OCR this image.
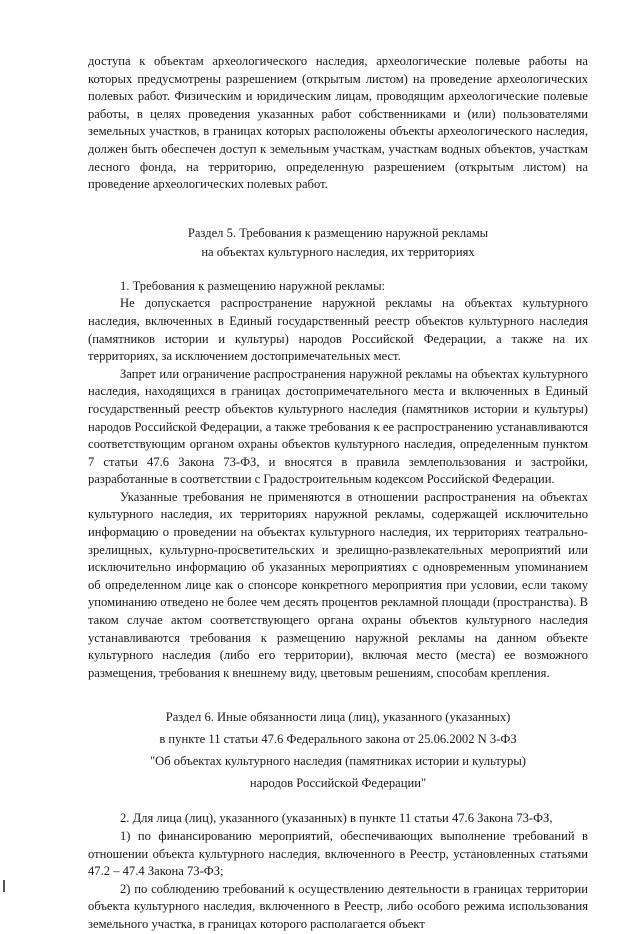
доступа к объектам археологического наследия, археологические полевые работы на которых предусмотрены разрешением (открытым листом) на проведение археологических полевых работ. Физическим и юридическим лицам, проводящим археологические полевые работы, в целях проведения указанных работ собственниками и (или) пользователями земельных участков, в границах которых расположены объекты археологического наследия, должен быть обеспечен доступ к земельным участкам, участкам водных объектов, участкам лесного фонда, на территорию, определенную разрешением (открытым листом) на проведение археологических полевых работ.

Раздел 5. Требования к размещению наружной рекламы

на объектах культурного наследия, их территориях

1. Требования к размещению наружной рекламы:

Не допускается распространение наружной рекламы на объектах культурного наследия, включенных в Единый государственный реестр объектов культурного наследия (памятников истории и культуры) народов Российской Федерации, а также на их территориях, за исключением достопримечательных мест.

Запрет или ограничение распространения наружной рекламы на объектах культурного наследия, находящихся в границах достопримечательного места и включенных в Единый государственный реестр объектов культурного наследия (памятников истории и культуры) народов Российской Федерации, а также требования к ее распространению устанавливаются соответствующим органом охраны объектов культурного наследия, определенным пунктом 7 статьи 47.6 Закона 73-ФЗ, и вносятся в правила землепользования и застройки, разработанные в соответствии с Градостроительным кодексом Российской Федерации.

Указанные требования не применяются в отношении распространения на объектах культурного наследия, их территориях наружной рекламы, содержащей исключительно информацию о проведении на объектах культурного наследия, их территориях театрально-зрелищных, культурно-просветительских и зрелищно-развлекательных мероприятий или исключительно информацию об указанных мероприятиях с одновременным упоминанием об определенном лице как о спонсоре конкретного мероприятия при условии, если такому упоминанию отведено не более чем десять процентов рекламной площади (пространства). В таком случае актом соответствующего органа охраны объектов культурного наследия устанавливаются требования к размещению наружной рекламы на данном объекте культурного наследия (либо его территории), включая место (места) ее возможного размещения, требования к внешнему виду, цветовым решениям, способам крепления.

Раздел 6. Иные обязанности лица (лиц), указанного (указанных)

в пункте 11 статьи 47.6 Федерального закона от 25.06.2002 N 3-ФЗ

"Об объектах культурного наследия (памятниках истории и культуры)

народов Российской Федерации"

2. Для лица (лиц), указанного (указанных) в пункте 11 статьи 47.6 Закона 73-ФЗ,

1) по финансированию мероприятий, обеспечивающих выполнение требований в отношении объекта культурного наследия, включенного в Реестр, установленных статьями 47.2 – 47.4 Закона 73-ФЗ;

2) по соблюдению требований к осуществлению деятельности в границах территории объекта культурного наследия, включенного в Реестр, либо особого режима использования земельного участка, в границах которого располагается объект
